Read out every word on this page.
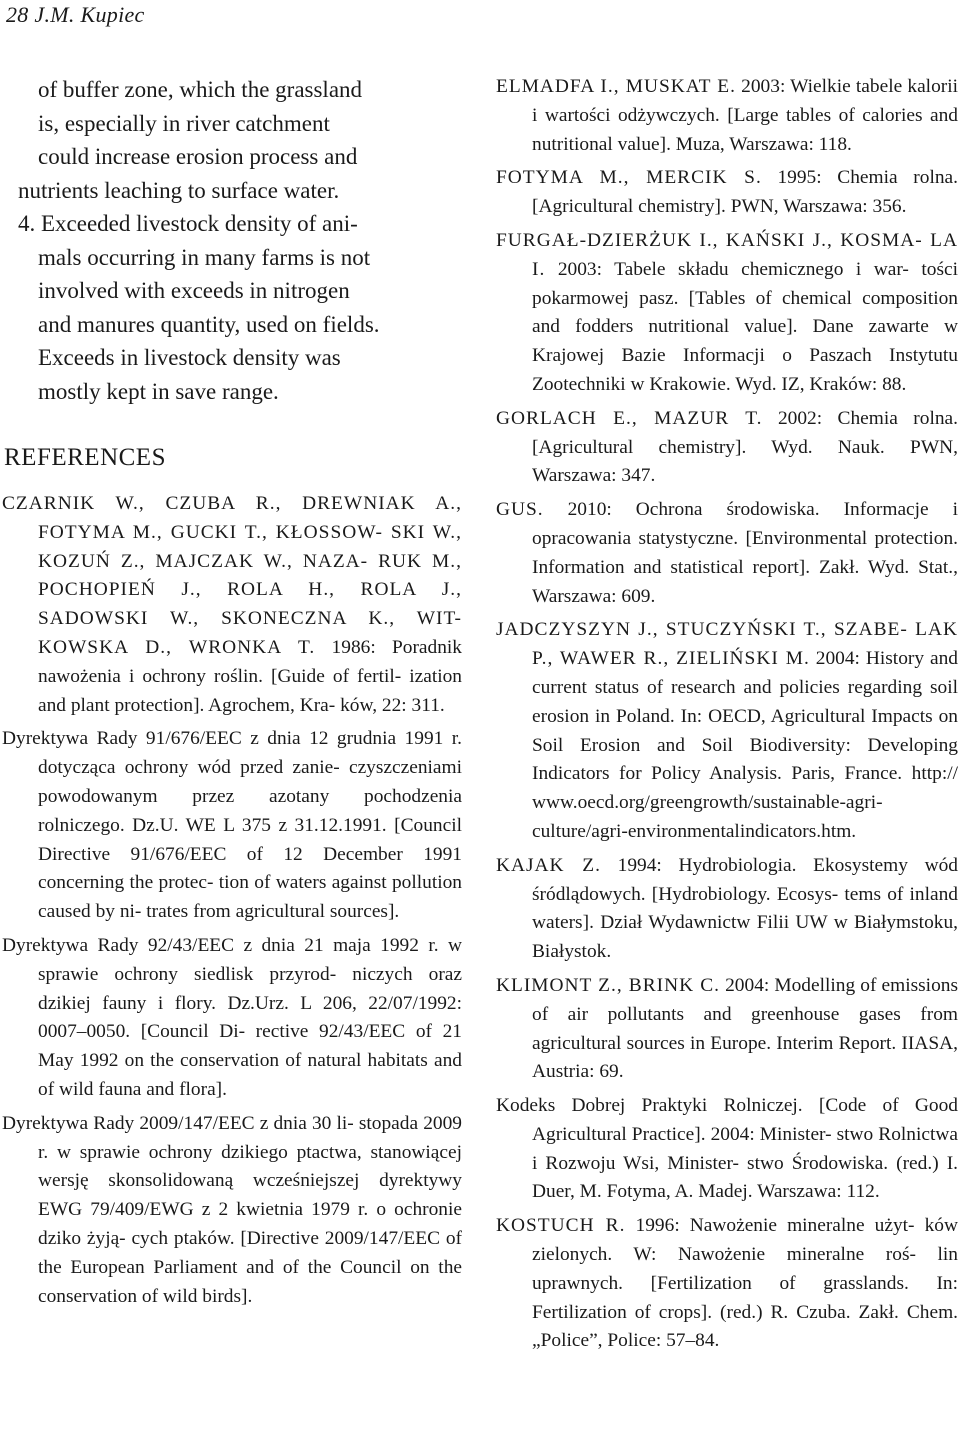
28 J.M. Kupiec

of buffer zone, which the grassland

is, especially in river catchment

could increase erosion process and

nutrients leaching to surface water.

4. Exceeded livestock density of ani-

mals occurring in many farms is not

involved with exceeds in nitrogen

and manures quantity, used on fields.

Exceeds in livestock density was

mostly kept in save range.

REFERENCES

CZARNIK W., CZUBA R., DREWNIAK A., FOTYMA M., GUCKI T., KŁOSSOW- SKI W., KOZUŃ Z., MAJCZAK W., NAZA- RUK M., POCHOPIEŃ J., ROLA H., ROLA J., SADOWSKI W., SKONECZNA K., WIT- KOWSKA D., WRONKA T. 1986: Poradnik nawożenia i ochrony roślin. [Guide of fertil- ization and plant protection]. Agrochem, Kra- ków, 22: 311.

Dyrektywa Rady 91/676/EEC z dnia 12 grudnia 1991 r. dotycząca ochrony wód przed zanie- czyszczeniami powodowanym przez azotany pochodzenia rolniczego. Dz.U. WE L 375 z 31.12.1991. [Council Directive 91/676/EEC of 12 December 1991 concerning the protec- tion of waters against pollution caused by ni- trates from agricultural sources].

Dyrektywa Rady 92/43/EEC z dnia 21 maja 1992 r. w sprawie ochrony siedlisk przyrod- niczych oraz dzikiej fauny i flory. Dz.Urz. L 206, 22/07/1992: 0007–0050. [Council Di- rective 92/43/EEC of 21 May 1992 on the conservation of natural habitats and of wild fauna and flora].

Dyrektywa Rady 2009/147/EEC z dnia 30 li- stopada 2009 r. w sprawie ochrony dzikiego ptactwa, stanowiącej wersję skonsolidowaną wcześniejszej dyrektywy EWG 79/409/EWG z 2 kwietnia 1979 r. o ochronie dziko żyją- cych ptaków. [Directive 2009/147/EEC of the European Parliament and of the Council on the conservation of wild birds].

ELMADFA I., MUSKAT E. 2003: Wielkie tabele kalorii i wartości odżywczych. [Large tables of calories and nutritional value]. Muza, Warszawa: 118.

FOTYMA M., MERCIK S. 1995: Chemia rolna. [Agricultural chemistry]. PWN, Warszawa: 356.

FURGAŁ-DZIERŻUK I., KAŃSKI J., KOSMA- LA I. 2003: Tabele składu chemicznego i war- tości pokarmowej pasz. [Tables of chemical composition and fodders nutritional value]. Dane zawarte w Krajowej Bazie Informacji o Paszach Instytutu Zootechniki w Krakowie. Wyd. IZ, Kraków: 88.

GORLACH E., MAZUR T. 2002: Chemia rolna. [Agricultural chemistry]. Wyd. Nauk. PWN, Warszawa: 347.

GUS. 2010: Ochrona środowiska. Informacje i opracowania statystyczne. [Environmental protection. Information and statistical report]. Zakł. Wyd. Stat., Warszawa: 609.

JADCZYSZYN J., STUCZYŃSKI T., SZABE- LAK P., WAWER R., ZIELIŃSKI M. 2004: History and current status of research and policies regarding soil erosion in Poland. In: OECD, Agricultural Impacts on Soil Erosion and Soil Biodiversity: Developing Indicators for Policy Analysis. Paris, France. http:// www.oecd.org/greengrowth/sustainable-agri- culture/agri-environmentalindicators.htm.

KAJAK Z. 1994: Hydrobiologia. Ekosystemy wód śródlądowych. [Hydrobiology. Ecosys- tems of inland waters]. Dział Wydawnictw Filii UW w Białymstoku, Białystok.

KLIMONT Z., BRINK C. 2004: Modelling of emissions of air pollutants and greenhouse gases from agricultural sources in Europe. Interim Report. IIASA, Austria: 69.

Kodeks Dobrej Praktyki Rolniczej. [Code of Good Agricultural Practice]. 2004: Minister- stwo Rolnictwa i Rozwoju Wsi, Minister- stwo Środowiska. (red.) I. Duer, M. Fotyma, A. Madej. Warszawa: 112.

KOSTUCH R. 1996: Nawożenie mineralne użyt- ków zielonych. W: Nawożenie mineralne roś- lin uprawnych. [Fertilization of grasslands. In: Fertilization of crops]. (red.) R. Czuba. Zakł. Chem. „Police”, Police: 57–84.
